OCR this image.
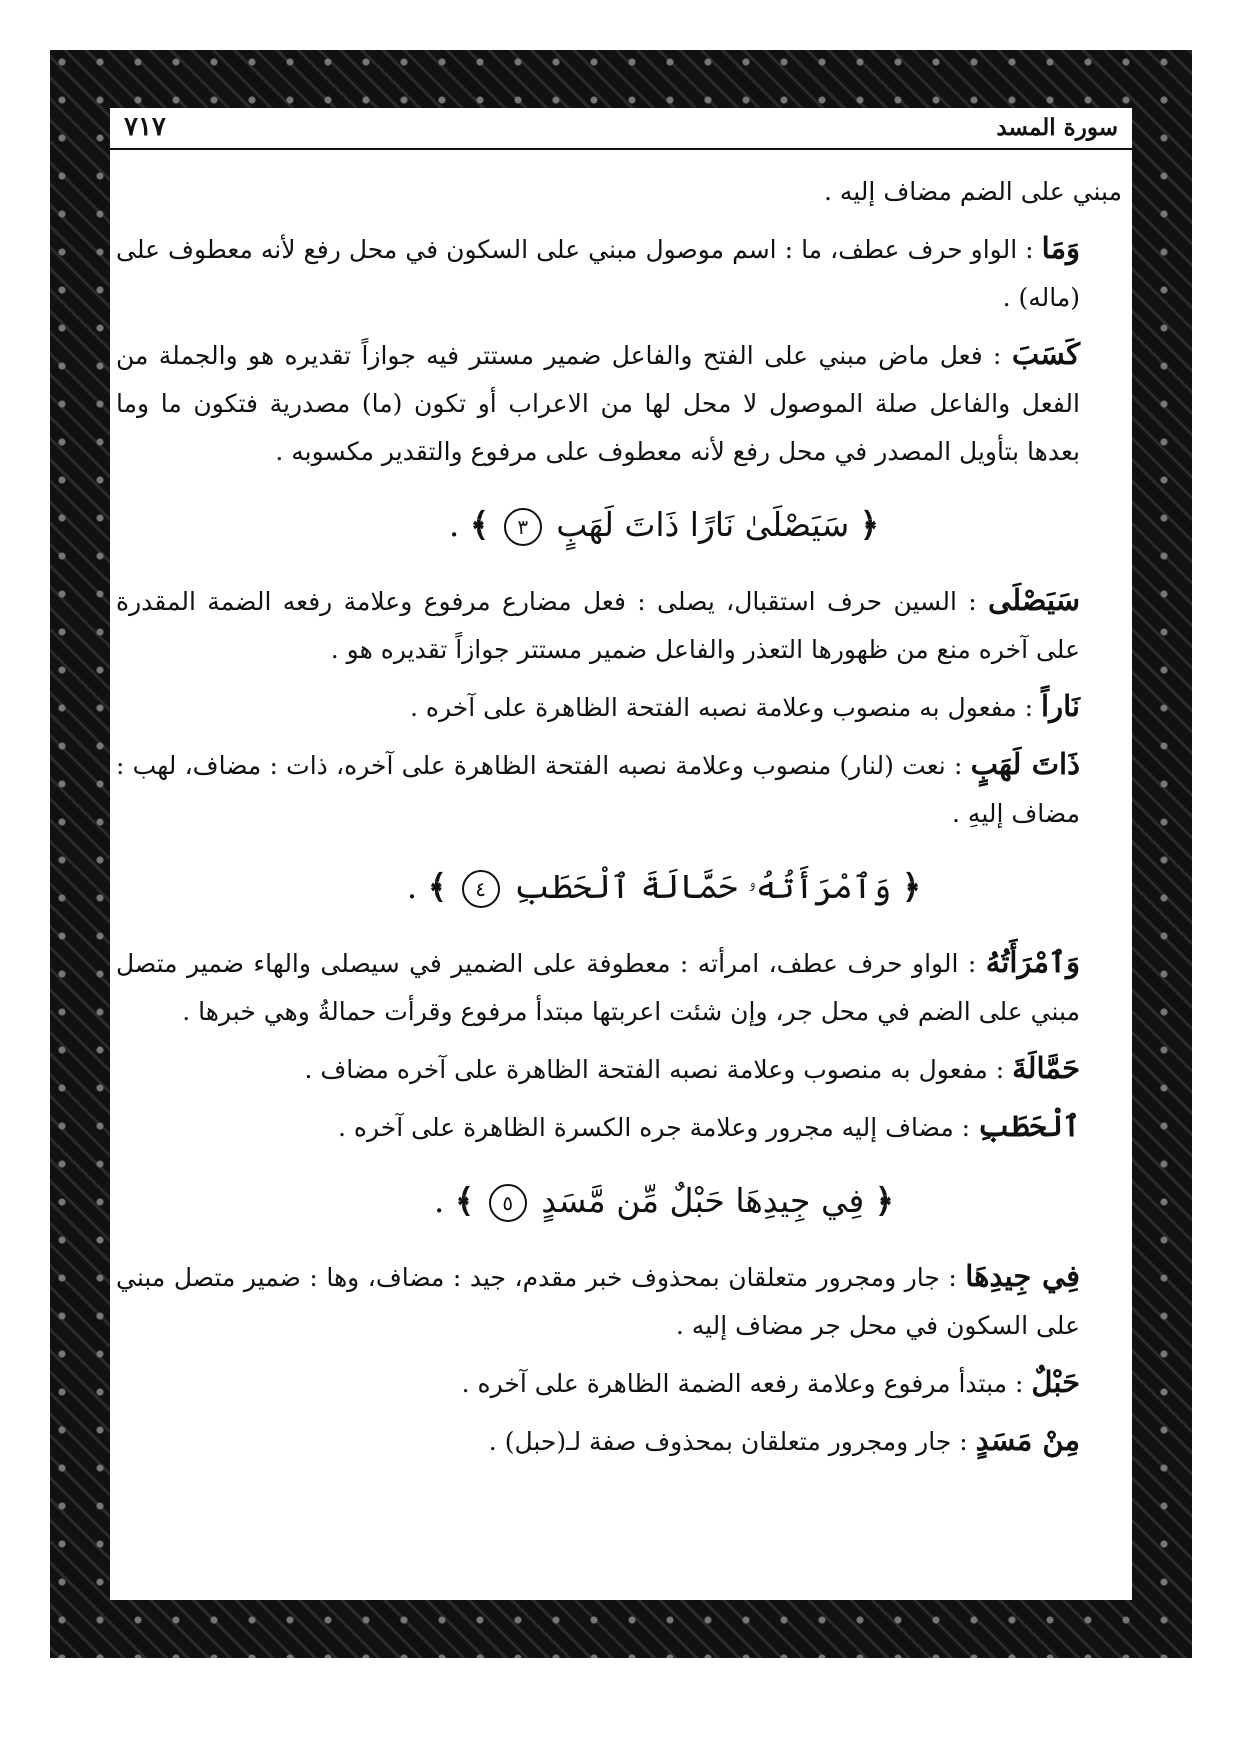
٧١٧	سورة المسد

مبني على الضم مضاف إليه .

وَمَا : الواو حرف عطف، ما : اسم موصول مبني على السكون في محل رفع لأنه معطوف على (ماله) .

كَسَبَ : فعل ماض مبني على الفتح والفاعل ضمير مستتر فيه جوازاً تقديره هو والجملة من الفعل والفاعل صلة الموصول لا محل لها من الاعراب أو تكون (ما) مصدرية فتكون ما وما بعدها بتأويل المصدر في محل رفع لأنه معطوف على مرفوع والتقدير مكسوبه .

﴿ سَيَصْلَىٰ نَارًا ذَاتَ لَهَبٍ ٣ ﴾ .

سَيَصْلَى : السين حرف استقبال، يصلى : فعل مضارع مرفوع وعلامة رفعه الضمة المقدرة على آخره منع من ظهورها التعذر والفاعل ضمير مستتر جوازاً تقديره هو .

نَاراً : مفعول به منصوب وعلامة نصبه الفتحة الظاهرة على آخره .

ذَاتَ لَهَبٍ : نعت (لنار) منصوب وعلامة نصبه الفتحة الظاهرة على آخره، ذات : مضاف، لهب : مضاف إليهِ .

﴿ وَٱمْرَأَتُهُۥ حَمَّالَةَ ٱلْحَطَبِ ٤ ﴾ .

وَٱمْرَأَتُهُ : الواو حرف عطف، امرأته : معطوفة على الضمير في سيصلى والهاء ضمير متصل مبني على الضم في محل جر، وإن شئت اعربتها مبتدأ مرفوع وقرأت حمالةُ وهي خبرها .

حَمَّالَةَ : مفعول به منصوب وعلامة نصبه الفتحة الظاهرة على آخره مضاف .

ٱلْحَطَبِ : مضاف إليه مجرور وعلامة جره الكسرة الظاهرة على آخره .

﴿ فِي جِيدِهَا حَبْلٌ مِّن مَّسَدٍ ٥ ﴾ .

فِي جِيدِهَا : جار ومجرور متعلقان بمحذوف خبر مقدم، جيد : مضاف، وها : ضمير متصل مبني على السكون في محل جر مضاف إليه .

حَبْلٌ : مبتدأ مرفوع وعلامة رفعه الضمة الظاهرة على آخره .

مِنْ مَسَدٍ : جار ومجرور متعلقان بمحذوف صفة لـ(حبل) .
